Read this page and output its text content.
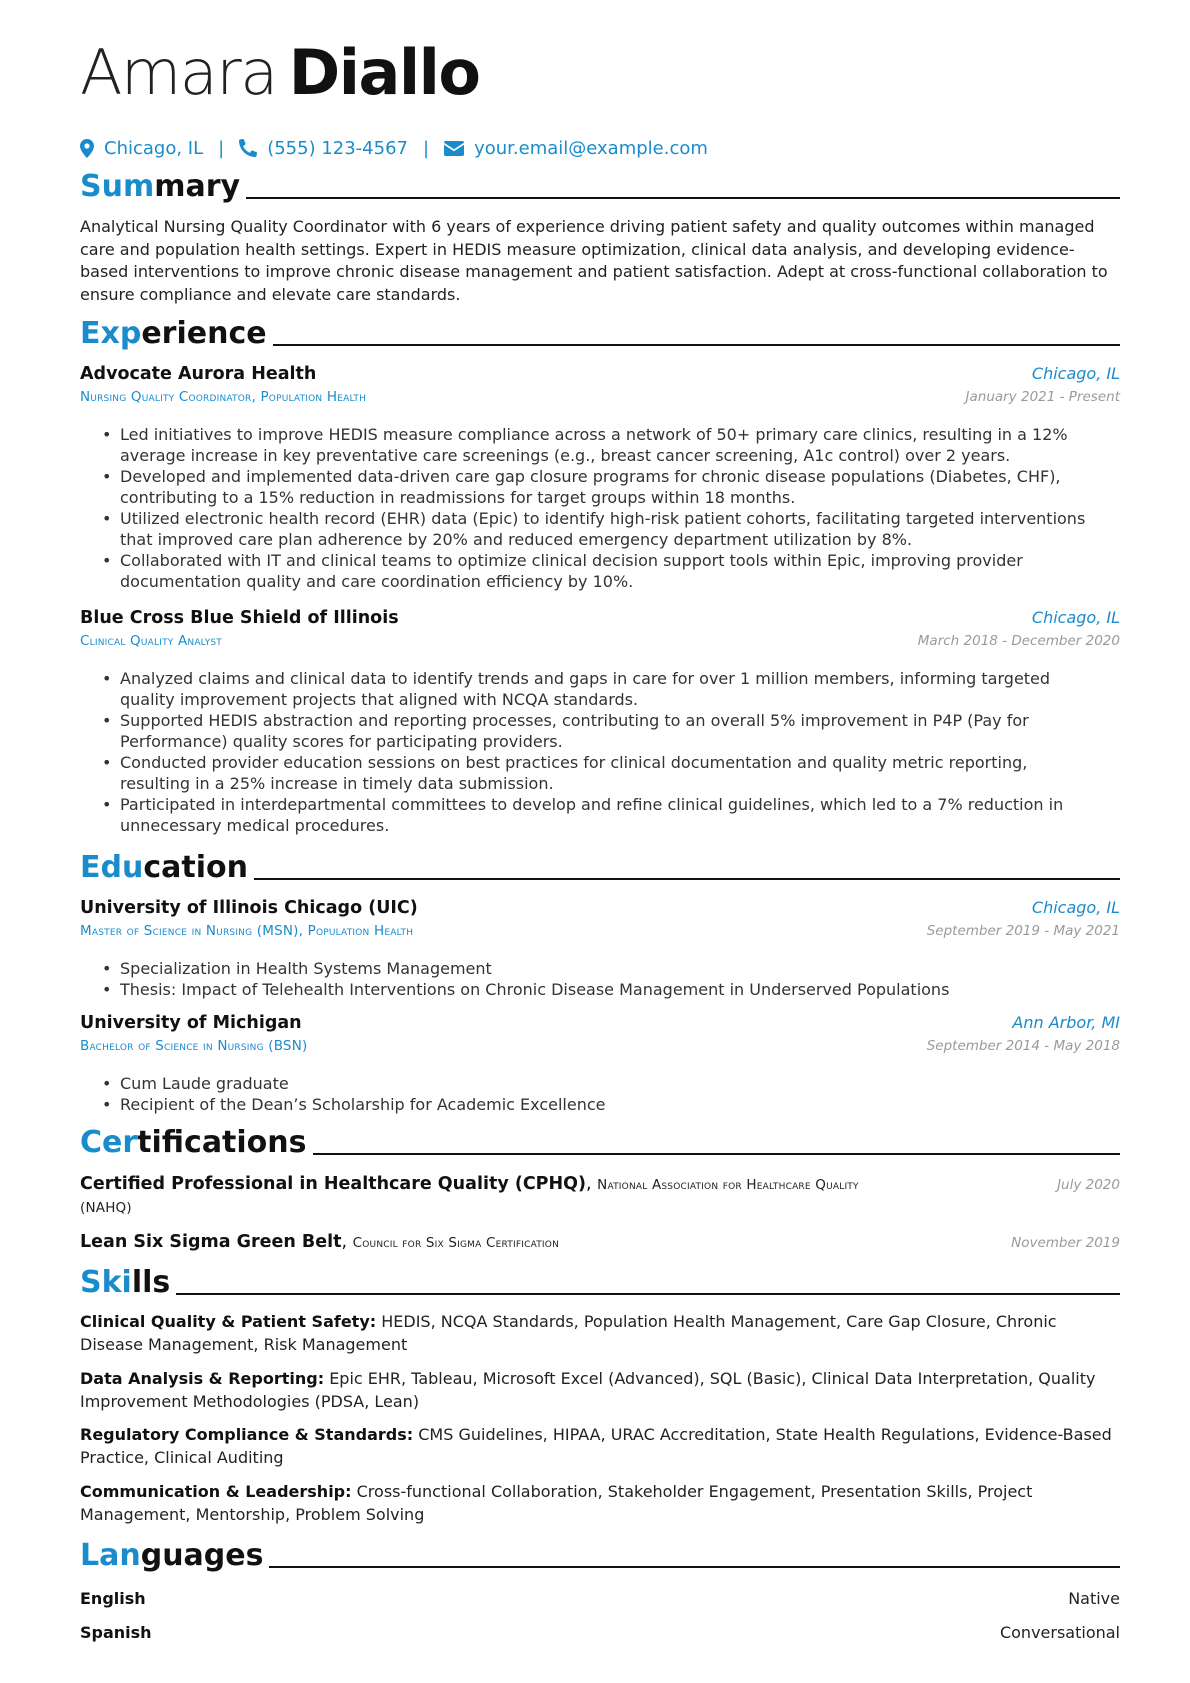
Amara Diallo
Chicago, IL | (555) 123-4567 |	your.email@example.com
Summary
Analytical Nursing Quality Coordinator with 6 years of experience driving patient safety and quality outcomes within managed care and population health settings. Expert in HEDIS measure optimization, clinical data analysis, and developing evidence-based interventions to improve chronic disease management and patient satisfaction. Adept at cross-functional collaboration to ensure compliance and elevate care standards.
Experience
Advocate Aurora Health	Chicago, IL
Nursing Quality Coordinator, Population Health	January 2021 - Present
• Led initiatives to improve HEDIS measure compliance across a network of 50+ primary care clinics, resulting in a 12% average increase in key preventative care screenings (e.g., breast cancer screening, A1c control) over 2 years.
• Developed and implemented data-driven care gap closure programs for chronic disease populations (Diabetes, CHF), contributing to a 15% reduction in readmissions for target groups within 18 months.
• Utilized electronic health record (EHR) data (Epic) to identify high-risk patient cohorts, facilitating targeted interventions that improved care plan adherence by 20% and reduced emergency department utilization by 8%.
• Collaborated with IT and clinical teams to optimize clinical decision support tools within Epic, improving provider documentation quality and care coordination efficiency by 10%.
Blue Cross Blue Shield of Illinois	Chicago, IL
Clinical Quality Analyst	March 2018 - December 2020
• Analyzed claims and clinical data to identify trends and gaps in care for over 1 million members, informing targeted quality improvement projects that aligned with NCQA standards.
• Supported HEDIS abstraction and reporting processes, contributing to an overall 5% improvement in P4P (Pay for Performance) quality scores for participating providers.
• Conducted provider education sessions on best practices for clinical documentation and quality metric reporting, resulting in a 25% increase in timely data submission.
• Participated in interdepartmental committees to develop and refine clinical guidelines, which led to a 7% reduction in unnecessary medical procedures.
Education
University of Illinois Chicago (UIC)	Chicago, IL
Master of Science in Nursing (MSN), Population Health	September 2019 - May 2021
• Specialization in Health Systems Management
• Thesis: Impact of Telehealth Interventions on Chronic Disease Management in Underserved Populations
University of Michigan	Ann Arbor, MI
Bachelor of Science in Nursing (BSN)	September 2014 - May 2018
• Cum Laude graduate
• Recipient of the Dean’s Scholarship for Academic Excellence
Certifications
Certified Professional in Healthcare Quality (CPHQ), National Association for Healthcare Quality (NAHQ)
July 2020
Lean Six Sigma Green Belt, Council for Six Sigma Certification	November 2019
Skills
Clinical Quality & Patient Safety: HEDIS, NCQA Standards, Population Health Management, Care Gap Closure, Chronic Disease Management, Risk Management
Data Analysis & Reporting: Epic EHR, Tableau, Microsoft Excel (Advanced), SQL (Basic), Clinical Data Interpretation, Quality Improvement Methodologies (PDSA, Lean)
Regulatory Compliance & Standards: CMS Guidelines, HIPAA, URAC Accreditation, State Health Regulations, Evidence-Based Practice, Clinical Auditing
Communication & Leadership: Cross-functional Collaboration, Stakeholder Engagement, Presentation Skills, Project Management, Mentorship, Problem Solving
Languages
English	Native
Spanish	Conversational
